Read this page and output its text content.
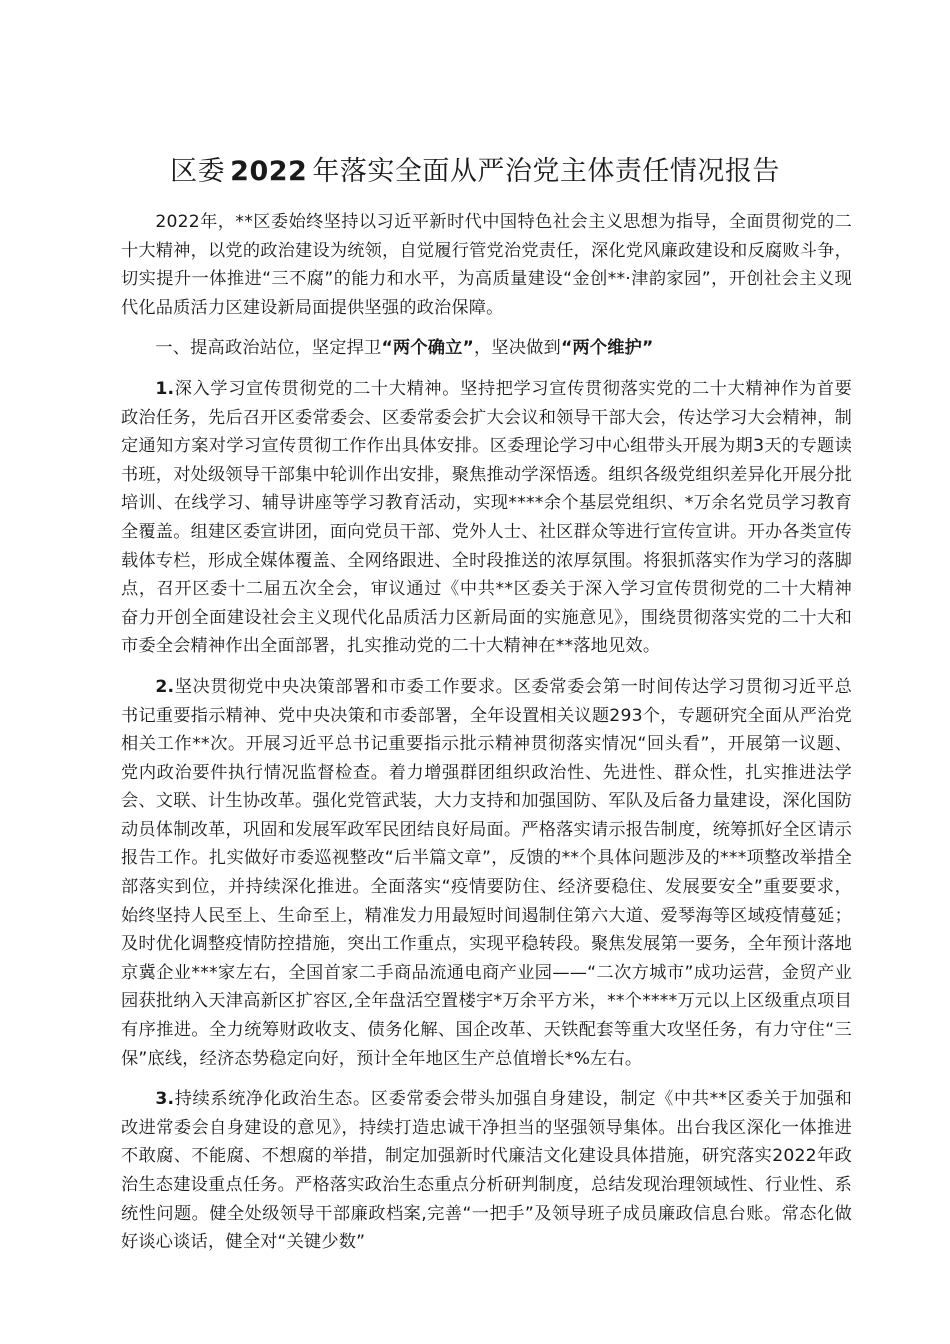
区委 2022 年落实全面从严治党主体责任情况报告

2022年，**区委始终坚持以习近平新时代中国特色社会主义思想为指导，全面贯彻党的二十大精神，以党的政治建设为统领，自觉履行管党治党责任，深化党风廉政建设和反腐败斗争，切实提升一体推进“三不腐”的能力和水平，为高质量建设“金创**·津韵家园”，开创社会主义现代化品质活力区建设新局面提供坚强的政治保障。

一、提高政治站位，坚定捍卫“两个确立”，坚决做到“两个维护”

1.深入学习宣传贯彻党的二十大精神。坚持把学习宣传贯彻落实党的二十大精神作为首要政治任务，先后召开区委常委会、区委常委会扩大会议和领导干部大会，传达学习大会精神，制定通知方案对学习宣传贯彻工作作出具体安排。区委理论学习中心组带头开展为期3天的专题读书班，对处级领导干部集中轮训作出安排，聚焦推动学深悟透。组织各级党组织差异化开展分批培训、在线学习、辅导讲座等学习教育活动，实现****余个基层党组织、*万余名党员学习教育全覆盖。组建区委宣讲团，面向党员干部、党外人士、社区群众等进行宣传宣讲。开办各类宣传载体专栏，形成全媒体覆盖、全网络跟进、全时段推送的浓厚氛围。将狠抓落实作为学习的落脚点，召开区委十二届五次全会，审议通过《中共**区委关于深入学习宣传贯彻党的二十大精神 奋力开创全面建设社会主义现代化品质活力区新局面的实施意见》，围绕贯彻落实党的二十大和市委全会精神作出全面部署，扎实推动党的二十大精神在**落地见效。

2.坚决贯彻党中央决策部署和市委工作要求。区委常委会第一时间传达学习贯彻习近平总书记重要指示精神、党中央决策和市委部署，全年设置相关议题293个，专题研究全面从严治党相关工作**次。开展习近平总书记重要指示批示精神贯彻落实情况“回头看”，开展第一议题、党内政治要件执行情况监督检查。着力增强群团组织政治性、先进性、群众性，扎实推进法学会、文联、计生协改革。强化党管武装，大力支持和加强国防、军队及后备力量建设，深化国防动员体制改革，巩固和发展军政军民团结良好局面。严格落实请示报告制度，统筹抓好全区请示报告工作。扎实做好市委巡视整改“后半篇文章”，反馈的**个具体问题涉及的***项整改举措全部落实到位，并持续深化推进。全面落实“疫情要防住、经济要稳住、发展要安全”重要要求，始终坚持人民至上、生命至上，精准发力用最短时间遏制住第六大道、爱琴海等区域疫情蔓延；及时优化调整疫情防控措施，突出工作重点，实现平稳转段。聚焦发展第一要务，全年预计落地京冀企业***家左右，全国首家二手商品流通电商产业园——“二次方城市”成功运营，金贸产业园获批纳入天津高新区扩容区,全年盘活空置楼宇*万余平方米，**个****万元以上区级重点项目有序推进。全力统筹财政收支、债务化解、国企改革、天铁配套等重大攻坚任务，有力守住“三保”底线，经济态势稳定向好，预计全年地区生产总值增长*%左右。

3.持续系统净化政治生态。区委常委会带头加强自身建设，制定《中共**区委关于加强和改进常委会自身建设的意见》，持续打造忠诚干净担当的坚强领导集体。出台我区深化一体推进不敢腐、不能腐、不想腐的举措，制定加强新时代廉洁文化建设具体措施，研究落实2022年政治生态建设重点任务。严格落实政治生态重点分析研判制度，总结发现治理领域性、行业性、系统性问题。健全处级领导干部廉政档案,完善“一把手”及领导班子成员廉政信息台账。常态化做好谈心谈话，健全对“关键少数”
